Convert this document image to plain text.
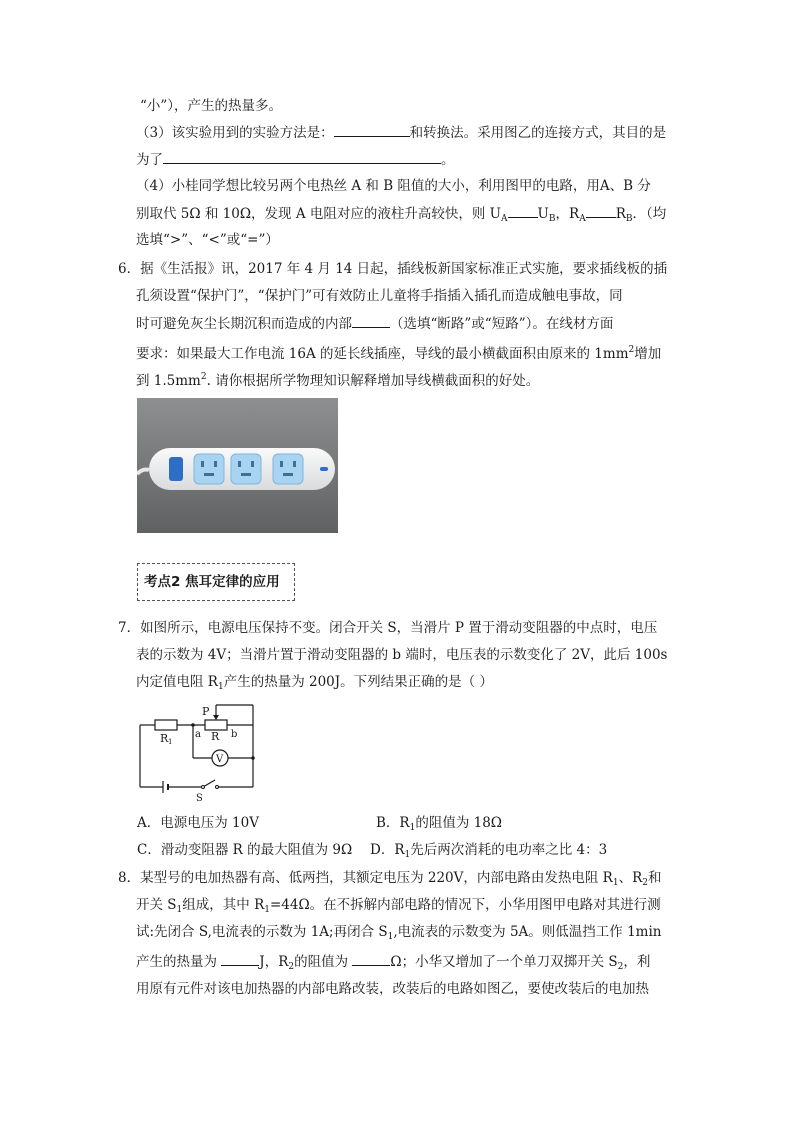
“小”），产生的热量多。
（3）该实验用到的实验方法是：	和转换法。采用图乙的连接方式，其目的是
为了	。
（4）小桂同学想比较另两个电热丝 A 和 B 阻值的大小，利用图甲的电路，用A、B 分
别取代 5Ω 和 10Ω，发现 A 电阻对应的液柱升高较快，则 $U_A$ $U_B$，$R_A$ $R_B$．（均
选填“>”、“<”或“=”）
6．据《生活报》讯，2017 年 4 月 14 日起，插线板新国家标准正式实施，要求插线板的插
孔须设置“保护门”，“保护门”可有效防止儿童将手指插入插孔而造成触电事故，同
时可避免灰尘长期沉积而造成的内部	（选填“断路”或“短路”）。在线材方面
要求：如果最大工作电流 16A 的延长线插座，导线的最小横截面积由原来的 $1mm^2$增加
到 $1.5mm^2$. 请你根据所学物理知识解释增加导线横截面积的好处。
考点2 焦耳定律的应用
7．如图所示，电源电压保持不变。闭合开关 S，当滑片 P 置于滑动变阻器的中点时，电压
表的示数为 4V；当滑片置于滑动变阻器的 b 端时，电压表的示数变化了 2V，此后 100s
内定值电阻 $R_1$产生的热量为 200J。下列结果正确的是（ ）
R 1
P
R
a	b
V
S
A．电源电压为 10V	B．$R_1$的阻值为 18Ω
C．滑动变阻器 R 的最大阻值为 9Ω D．$R_1$先后两次消耗的电功率之比 4：3
8．某型号的电加热器有高、低两挡，其额定电压为 220V，内部电路由发热电阻 $R_1$、$R_2$和
开关 $S_1$组成，其中 $R_1=44\Omega$。在不拆解内部电路的情况下，小华用图甲电路对其进行测
试:先闭合 S,电流表的示数为 1A;再闭合 $S_1$,电流表的示数变为 5A。则低温挡工作 1min
产生的热量为	J，$R_2$的阻值为	Ω；小华又增加了一个单刀双掷开关 $S_2$，利
用原有元件对该电加热器的内部电路改装，改装后的电路如图乙，要使改装后的电加热
